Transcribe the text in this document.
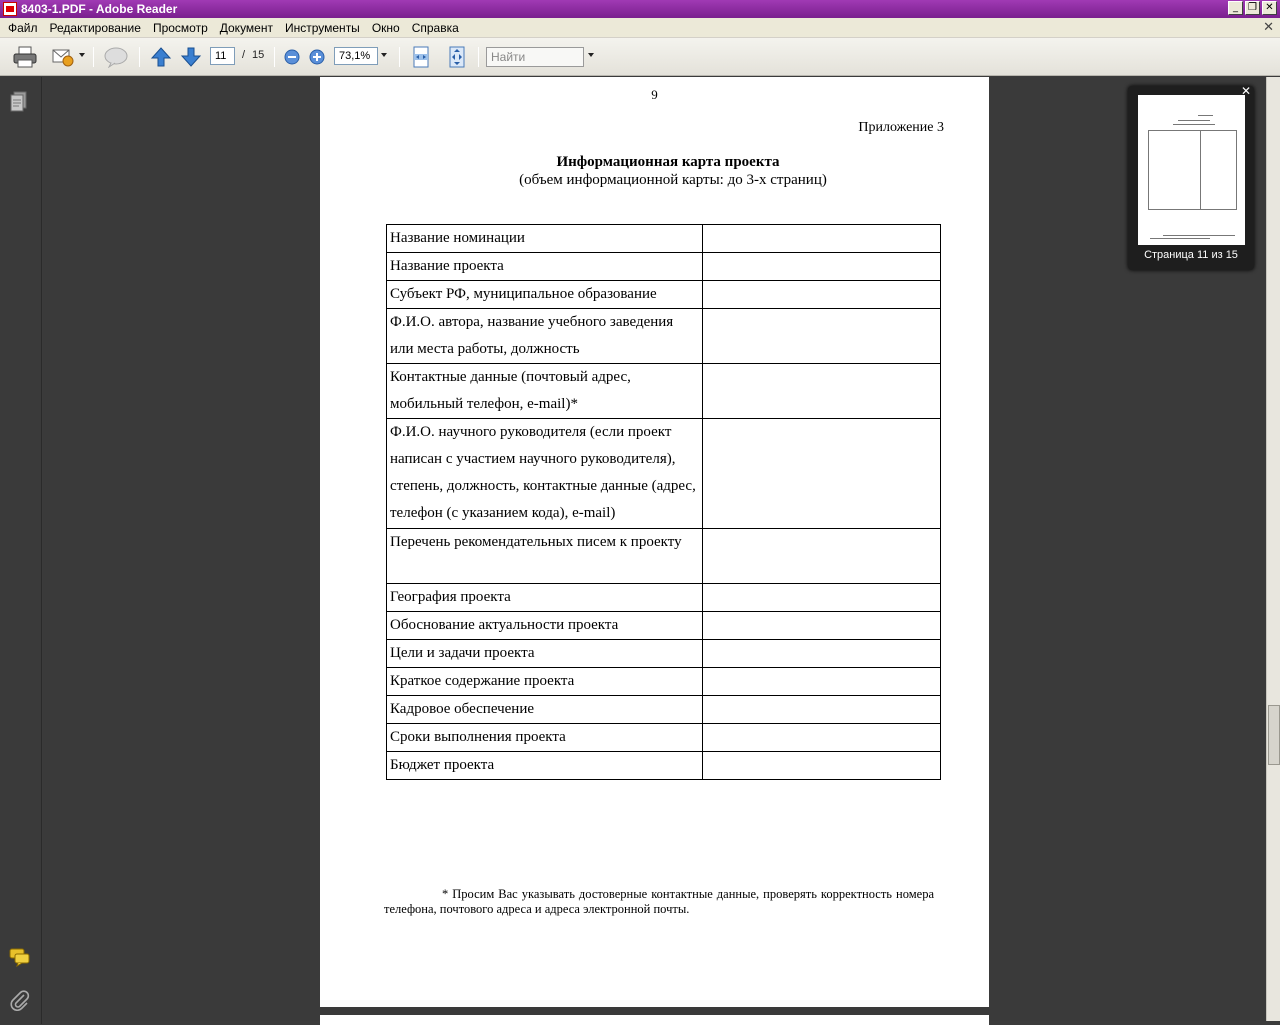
8403-1.PDF - Adobe Reader	_	❐ ✕
Файл	Редактирование	Просмотр	Документ	Инструменты	Окно	Справка	✕
11	/ 15	73,1%	Найти
9
Приложение 3
Информационная карта проекта
(объем информационной карты: до 3-х страниц)
Название номинации	
Название проекта	
Субъект РФ, муниципальное образование	
Ф.И.О. автора, название учебного заведения или места работы, должность	
Контактные данные (почтовый адрес, мобильный телефон, e-mail)*	
Ф.И.О. научного руководителя (если проект написан с участием научного руководителя), степень, должность, контактные данные (адрес, телефон (с указанием кода), e-mail)	
Перечень рекомендательных писем к проекту	
География проекта	
Обоснование актуальности проекта	
Цели и задачи проекта	
Краткое содержание проекта	
Кадровое обеспечение	
Сроки выполнения проекта	
Бюджет проекта	
* Просим Вас указывать достоверные контактные данные, проверять корректность номера телефона, почтового адреса и адреса электронной почты.
Страница 11 из 15
✕
